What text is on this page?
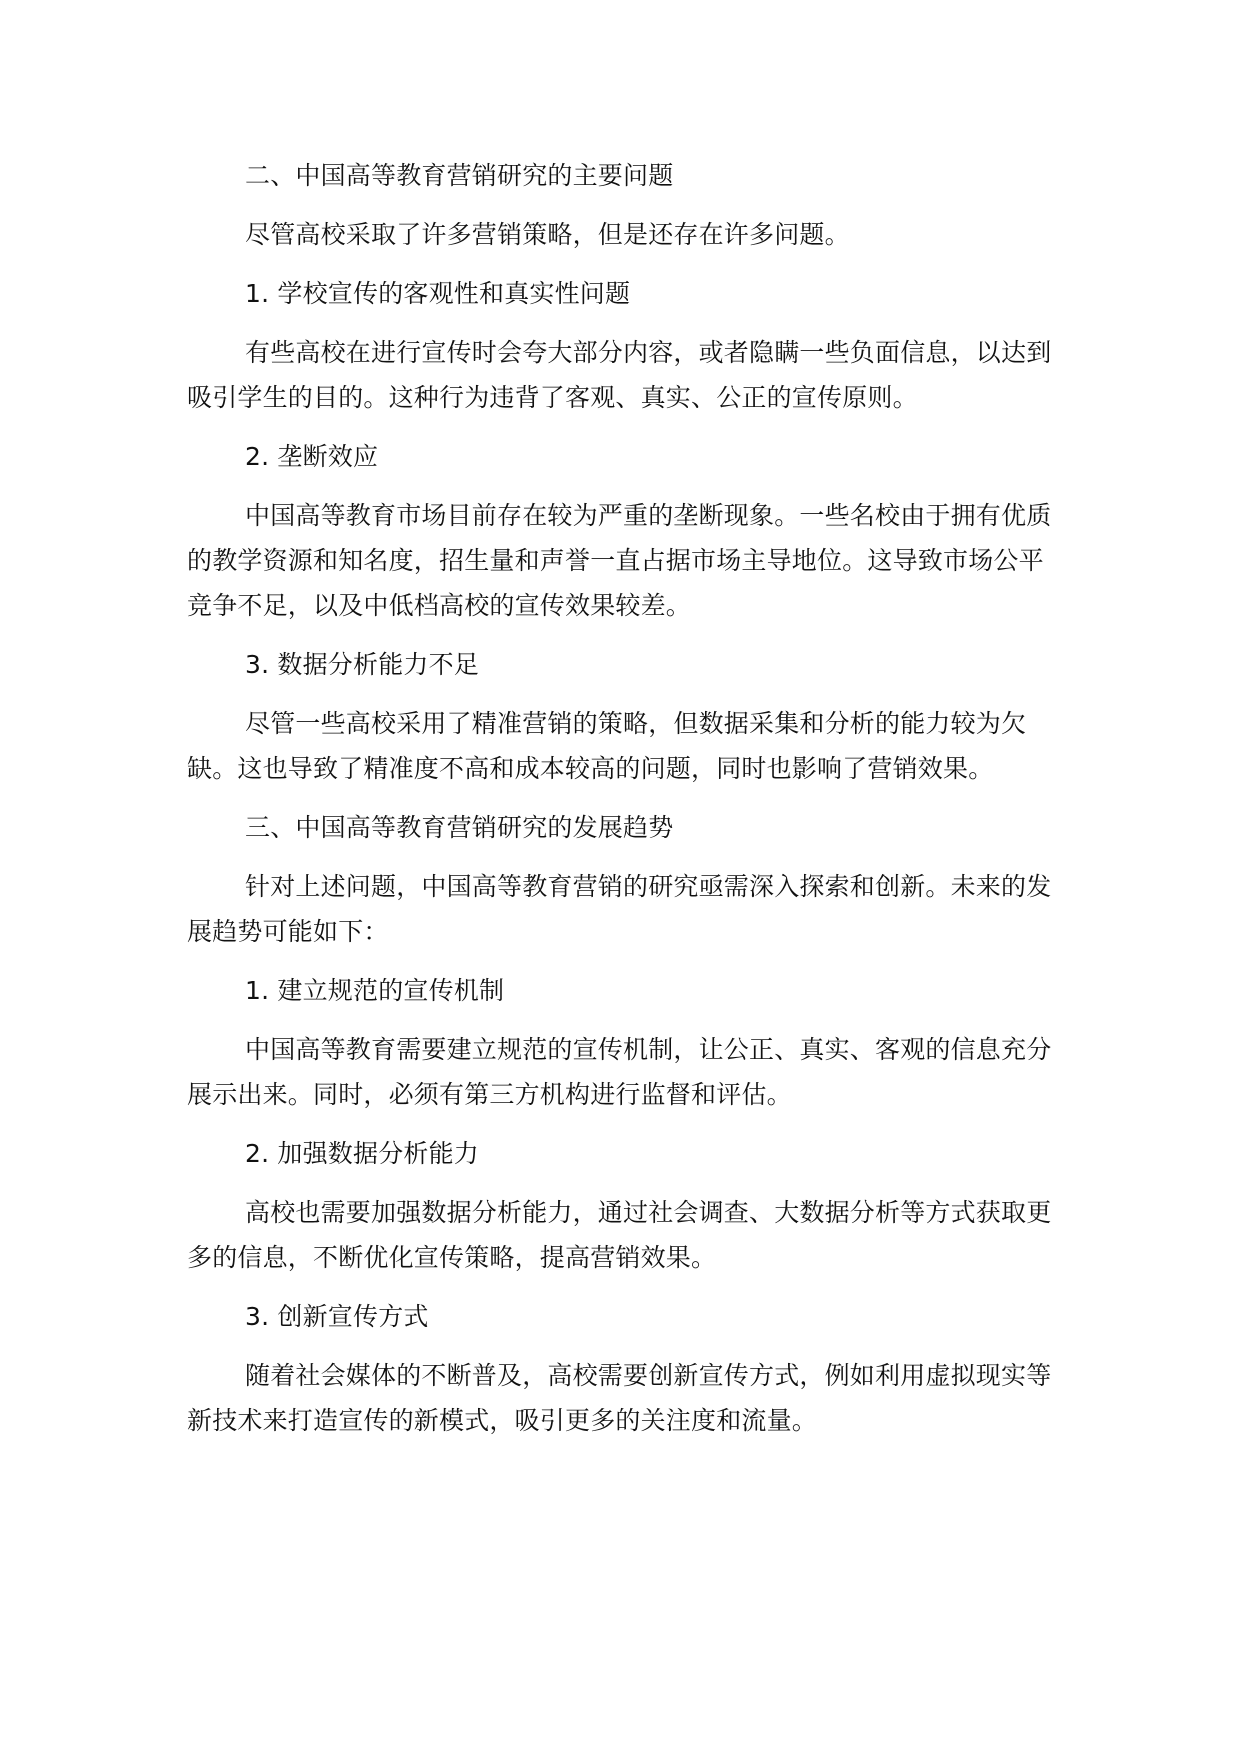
二、中国高等教育营销研究的主要问题
尽管高校采取了许多营销策略，但是还存在许多问题。
1. 学校宣传的客观性和真实性问题
有些高校在进行宣传时会夸大部分内容，或者隐瞒一些负面信息，以达到吸引学生的目的。这种行为违背了客观、真实、公正的宣传原则。
2. 垄断效应
中国高等教育市场目前存在较为严重的垄断现象。一些名校由于拥有优质的教学资源和知名度，招生量和声誉一直占据市场主导地位。这导致市场公平竞争不足，以及中低档高校的宣传效果较差。
3. 数据分析能力不足
尽管一些高校采用了精准营销的策略，但数据采集和分析的能力较为欠缺。这也导致了精准度不高和成本较高的问题，同时也影响了营销效果。
三、中国高等教育营销研究的发展趋势
针对上述问题，中国高等教育营销的研究亟需深入探索和创新。未来的发展趋势可能如下：
1. 建立规范的宣传机制
中国高等教育需要建立规范的宣传机制，让公正、真实、客观的信息充分展示出来。同时，必须有第三方机构进行监督和评估。
2. 加强数据分析能力
高校也需要加强数据分析能力，通过社会调查、大数据分析等方式获取更多的信息，不断优化宣传策略，提高营销效果。
3. 创新宣传方式
随着社会媒体的不断普及，高校需要创新宣传方式，例如利用虚拟现实等新技术来打造宣传的新模式，吸引更多的关注度和流量。
